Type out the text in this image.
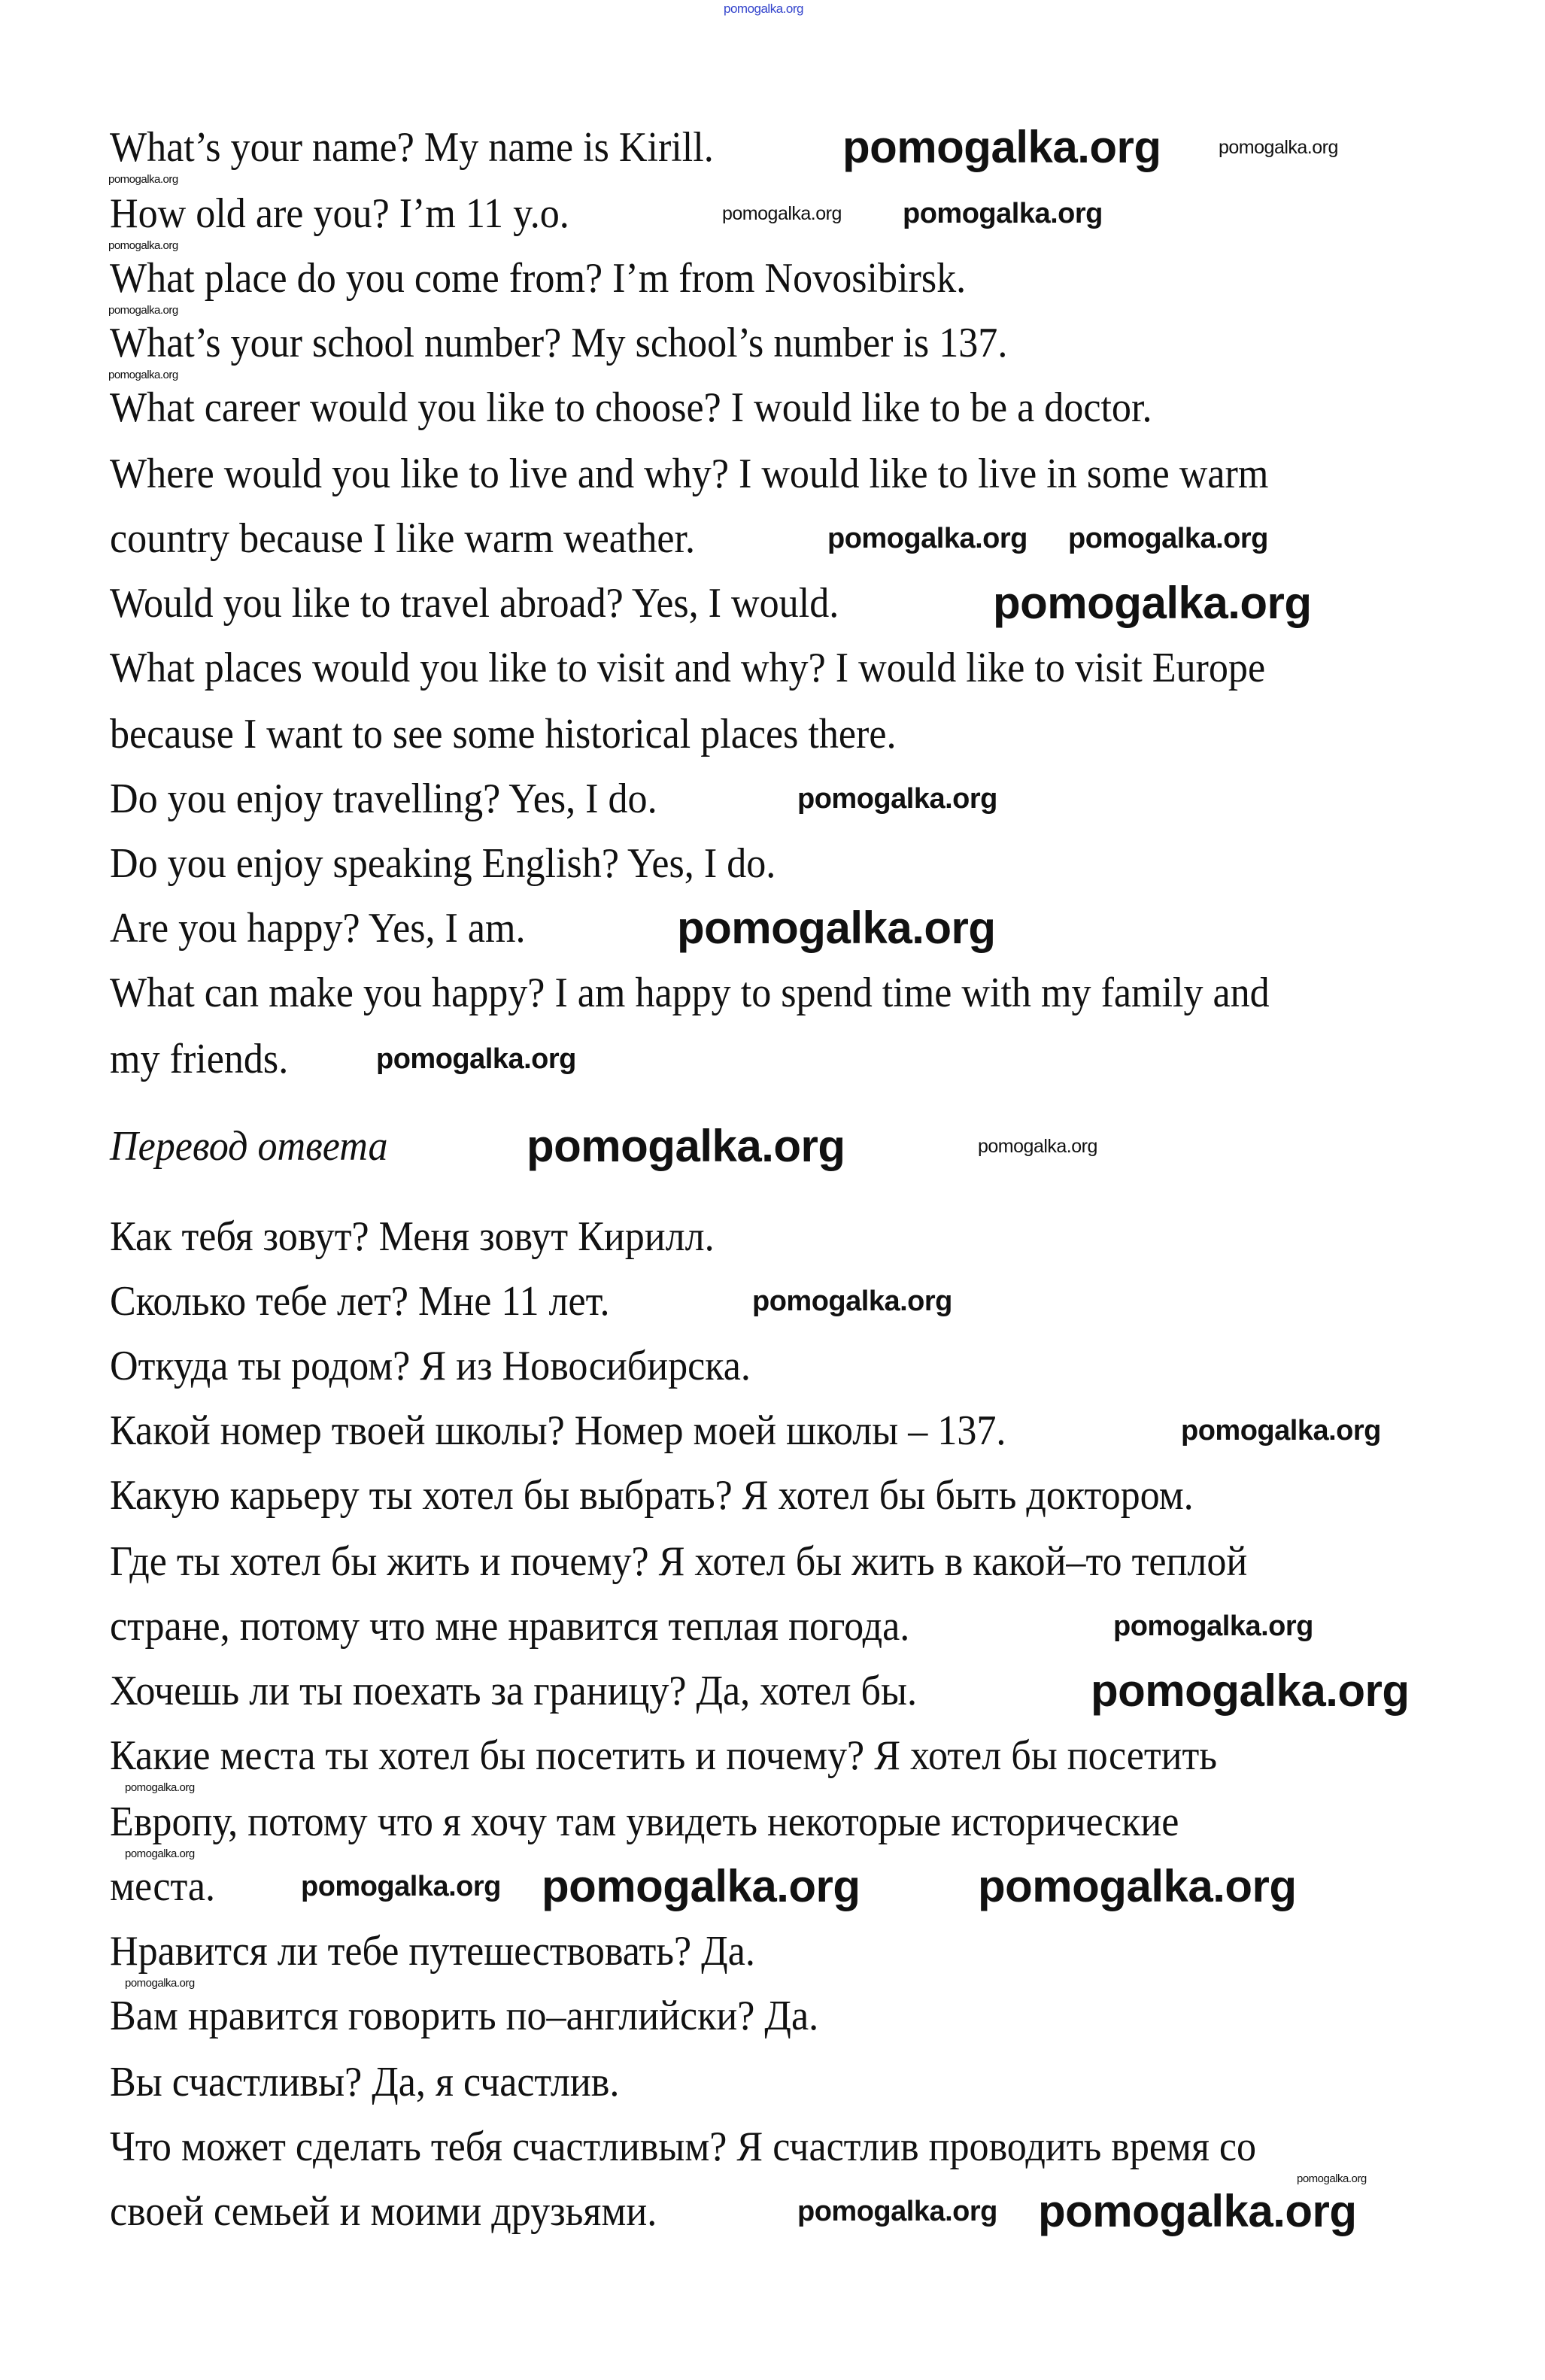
pomogalka.org
What’s your name? My name is Kirill.
How old are you? I’m 11 y.o.
What place do you come from? I’m from Novosibirsk.
What’s your school number? My school’s number is 137.
What career would you like to choose? I would like to be a doctor.
Where would you like to live and why? I would like to live in some warm
country because I like warm weather.
Would you like to travel abroad? Yes, I would.
What places would you like to visit and why? I would like to visit Europe
because I want to see some historical places there.
Do you enjoy travelling? Yes, I do.
Do you enjoy speaking English? Yes, I do.
Are you happy? Yes, I am.
What can make you happy? I am happy to spend time with my family and
my friends.
Перевод ответа
Как тебя зовут? Меня зовут Кирилл.
Сколько тебе лет? Мне 11 лет.
Откуда ты родом? Я из Новосибирска.
Какой номер твоей школы? Номер моей школы – 137.
Какую карьеру ты хотел бы выбрать? Я хотел бы быть доктором.
Где ты хотел бы жить и почему? Я хотел бы жить в какой–то теплой
стране, потому что мне нравится теплая погода.
Хочешь ли ты поехать за границу? Да, хотел бы.
Какие места ты хотел бы посетить и почему? Я хотел бы посетить
Европу, потому что я хочу там увидеть некоторые исторические
места.
Нравится ли тебе путешествовать? Да.
Вам нравится говорить по–английски? Да.
Вы счастливы? Да, я счастлив.
Что может сделать тебя счастливым? Я счастлив проводить время со
своей семьей и моими друзьями.
pomogalka.org
pomogalka.org
pomogalka.org
pomogalka.org
pomogalka.org
pomogalka.org
pomogalka.org
pomogalka.org
pomogalka.org	pomogalka.org
pomogalka.org pomogalka.org
pomogalka.org pomogalka.org
pomogalka.org
pomogalka.org
pomogalka.org
pomogalka.org
pomogalka.org	pomogalka.org
pomogalka.org
pomogalka.org
pomogalka.org
pomogalka.org
pomogalka.org pomogalka.org	pomogalka.org
pomogalka.org pomogalka.org
